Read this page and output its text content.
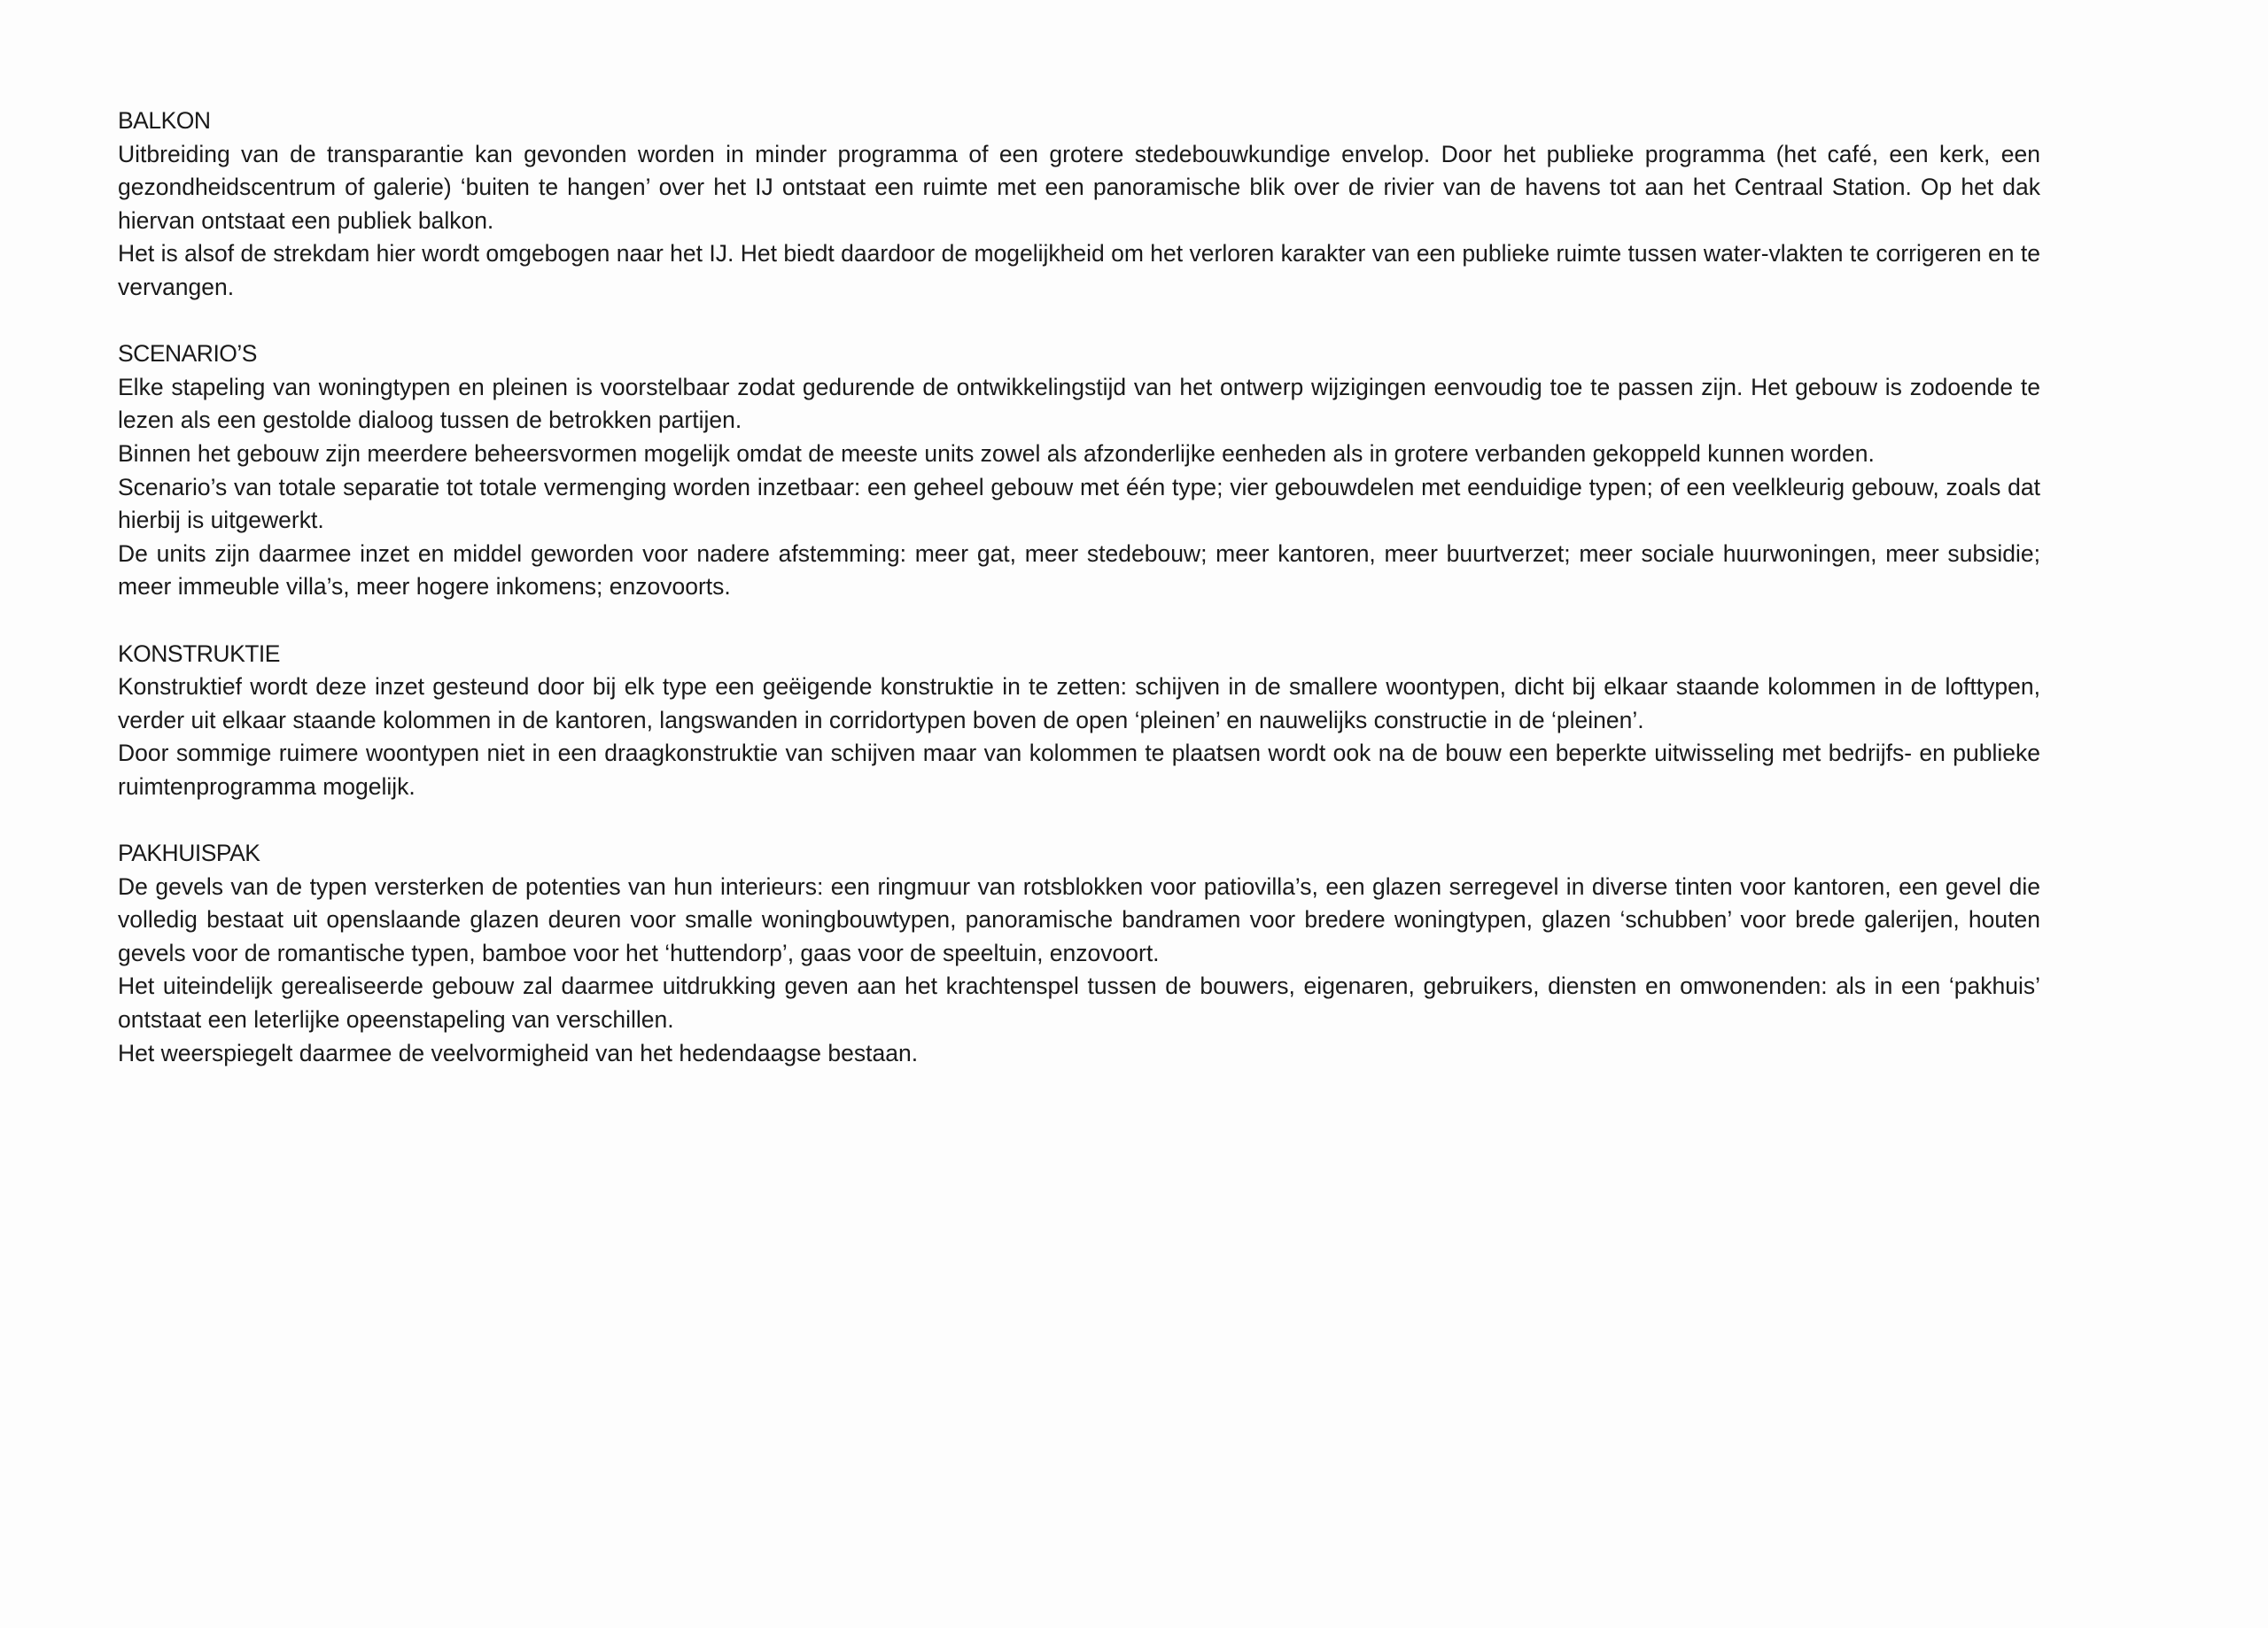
BALKON
Uitbreiding van de transparantie kan gevonden worden in minder programma of een grotere stedebouwkundige envelop. Door het publieke programma (het café, een kerk, een gezondheidscentrum of galerie) ‘buiten te hangen’ over het IJ ontstaat een ruimte met een panoramische blik over de rivier van de havens tot aan het Centraal Station. Op het dak hiervan ontstaat een publiek balkon.
Het is alsof de strekdam hier wordt omgebogen naar het IJ. Het biedt daardoor de mogelijkheid om het verloren karakter van een publieke ruimte tussen water-vlakten te corrigeren en te vervangen.
SCENARIO’S
Elke stapeling van woningtypen en pleinen is voorstelbaar zodat gedurende de ontwikkelingstijd van het ontwerp wijzigingen eenvoudig toe te passen zijn. Het gebouw is zodoende te lezen als een gestolde dialoog tussen de betrokken partijen.
Binnen het gebouw zijn meerdere beheersvormen mogelijk omdat de meeste units zowel als afzonderlijke eenheden als in grotere verbanden gekoppeld kunnen worden.
Scenario’s van totale separatie tot totale vermenging worden inzetbaar: een geheel gebouw met één type; vier gebouwdelen met eenduidige typen; of een veelkleurig gebouw, zoals dat hierbij is uitgewerkt.
De units zijn daarmee inzet en middel geworden voor nadere afstemming: meer gat, meer stedebouw; meer kantoren, meer buurtverzet; meer sociale huurwoningen, meer subsidie; meer immeuble villa’s, meer hogere inkomens; enzovoorts.
KONSTRUKTIE
Konstruktief wordt deze inzet gesteund door bij elk type een geëigende konstruktie in te zetten: schijven in de smallere woontypen, dicht bij elkaar staande kolommen in de lofttypen, verder uit elkaar staande kolommen in de kantoren, langswanden in corridortypen boven de open ‘pleinen’ en nauwelijks constructie in de ‘pleinen’.
Door sommige ruimere woontypen niet in een draagkonstruktie van schijven maar van kolommen te plaatsen wordt ook na de bouw een beperkte uitwisseling met bedrijfs- en publieke ruimtenprogramma mogelijk.
PAKHUISPAK
De gevels van de typen versterken de potenties van hun interieurs: een ringmuur van rotsblokken voor patiovilla’s, een glazen serregevel in diverse tinten voor kantoren, een gevel die volledig bestaat uit openslaande glazen deuren voor smalle woningbouwtypen, panoramische bandramen voor bredere woningtypen, glazen ‘schubben’ voor brede galerijen, houten gevels voor de romantische typen, bamboe voor het ‘huttendorp’, gaas voor de speeltuin, enzovoort.
Het uiteindelijk gerealiseerde gebouw zal daarmee uitdrukking geven aan het krachtenspel tussen de bouwers, eigenaren, gebruikers, diensten en omwonenden: als in een ‘pakhuis’ ontstaat een leterlijke opeenstapeling van verschillen.
Het weerspiegelt daarmee de veelvormigheid van het hedendaagse bestaan.
